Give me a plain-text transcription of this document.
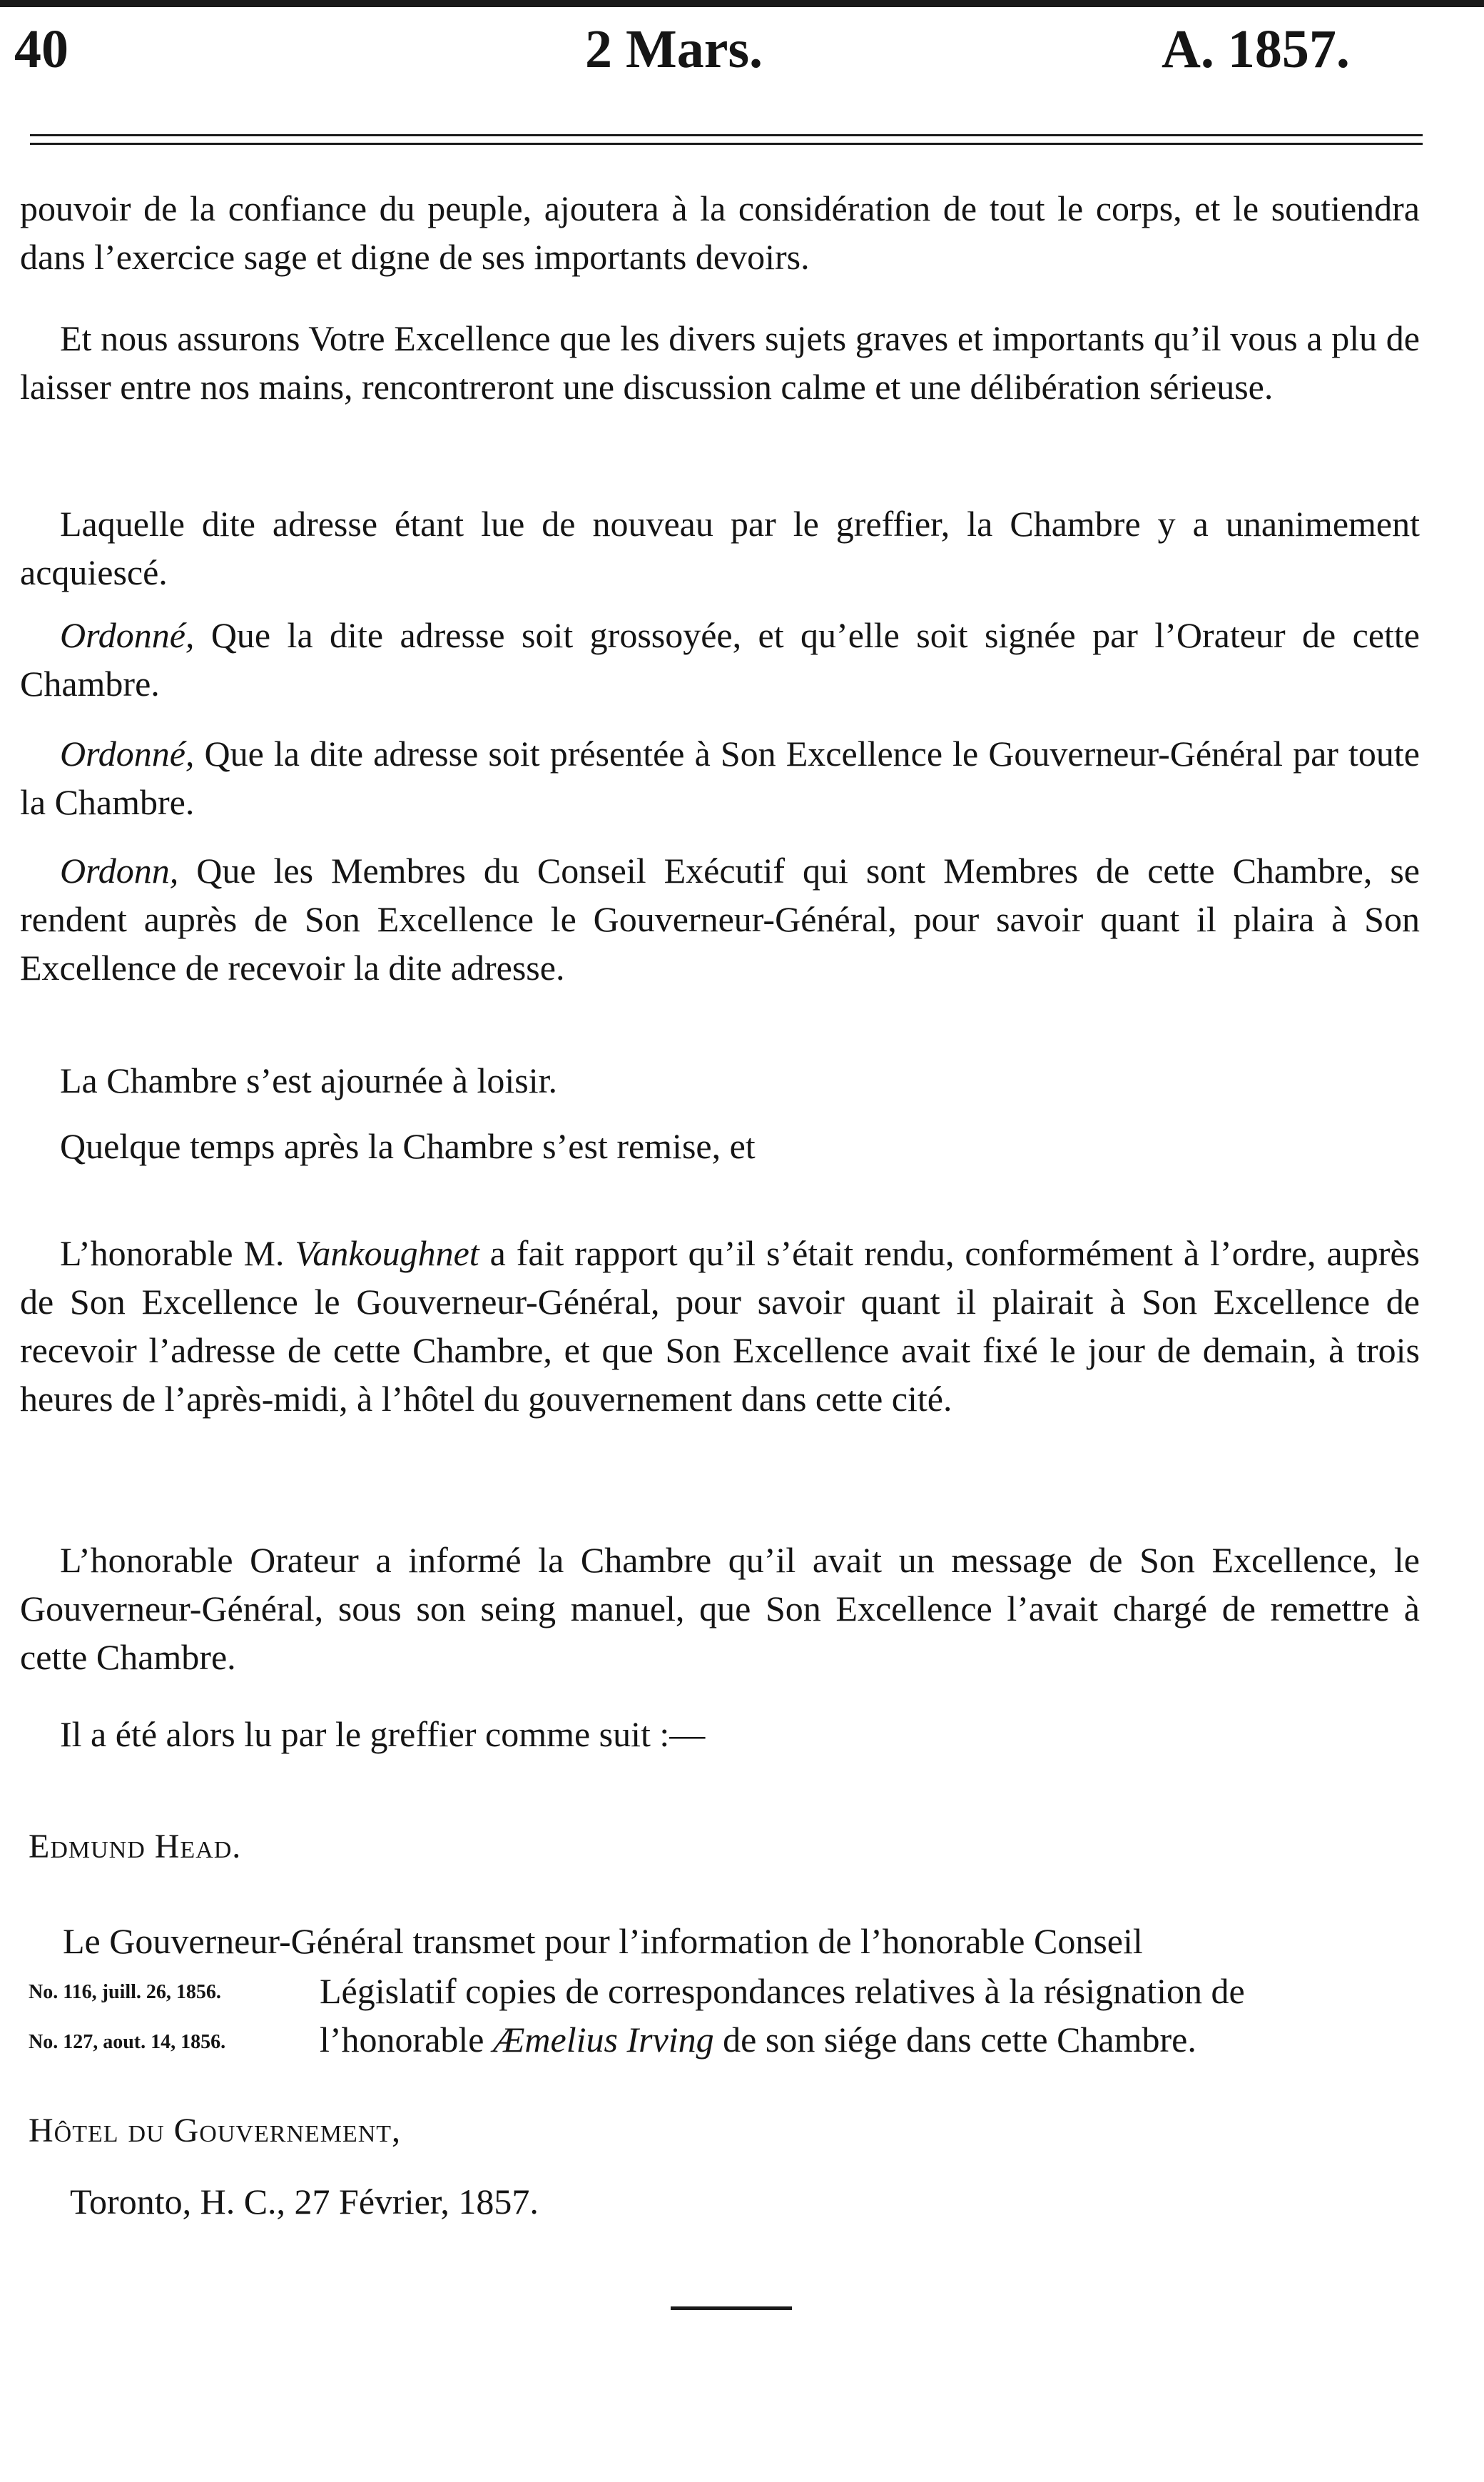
40	2 Mars.	A. 1857.

pouvoir de la confiance du peuple, ajoutera à la considération de tout le corps, et le soutiendra dans l’exercice sage et digne de ses importants devoirs.

Et nous assurons Votre Excellence que les divers sujets graves et importants qu’il vous a plu de laisser entre nos mains, rencontreront une discussion calme et une délibération sérieuse.

Laquelle dite adresse étant lue de nouveau par le greffier, la Chambre y a unanimement acquiescé.

Ordonné, Que la dite adresse soit grossoyée, et qu’elle soit signée par l’Orateur de cette Chambre.

Ordonné, Que la dite adresse soit présentée à Son Excellence le Gouverneur-Général par toute la Chambre.

Ordonn, Que les Membres du Conseil Exécutif qui sont Membres de cette Chambre, se rendent auprès de Son Excellence le Gouverneur-Général, pour savoir quant il plaira à Son Excellence de recevoir la dite adresse.

La Chambre s’est ajournée à loisir.

Quelque temps après la Chambre s’est remise, et

L’honorable M. Vankoughnet a fait rapport qu’il s’était rendu, conformément à l’ordre, auprès de Son Excellence le Gouverneur-Général, pour savoir quant il plairait à Son Excellence de recevoir l’adresse de cette Chambre, et que Son Excellence avait fixé le jour de demain, à trois heures de l’après-midi, à l’hôtel du gouvernement dans cette cité.

L’honorable Orateur a informé la Chambre qu’il avait un message de Son Excellence, le Gouverneur-Général, sous son seing manuel, que Son Excellence l’avait chargé de remettre à cette Chambre.

Il a été alors lu par le greffier comme suit :—

Edmund Head.
Le Gouverneur-Général transmet pour l’information de l’honorable Conseil
No. 116, juill. 26, 1856.	Législatif copies de correspondances relatives à la résignation de
No. 127, aout. 14, 1856.	l’honorable Æmelius Irving de son siége dans cette Chambre.
Hôtel du Gouvernement,
Toronto, H. C., 27 Février, 1857.
